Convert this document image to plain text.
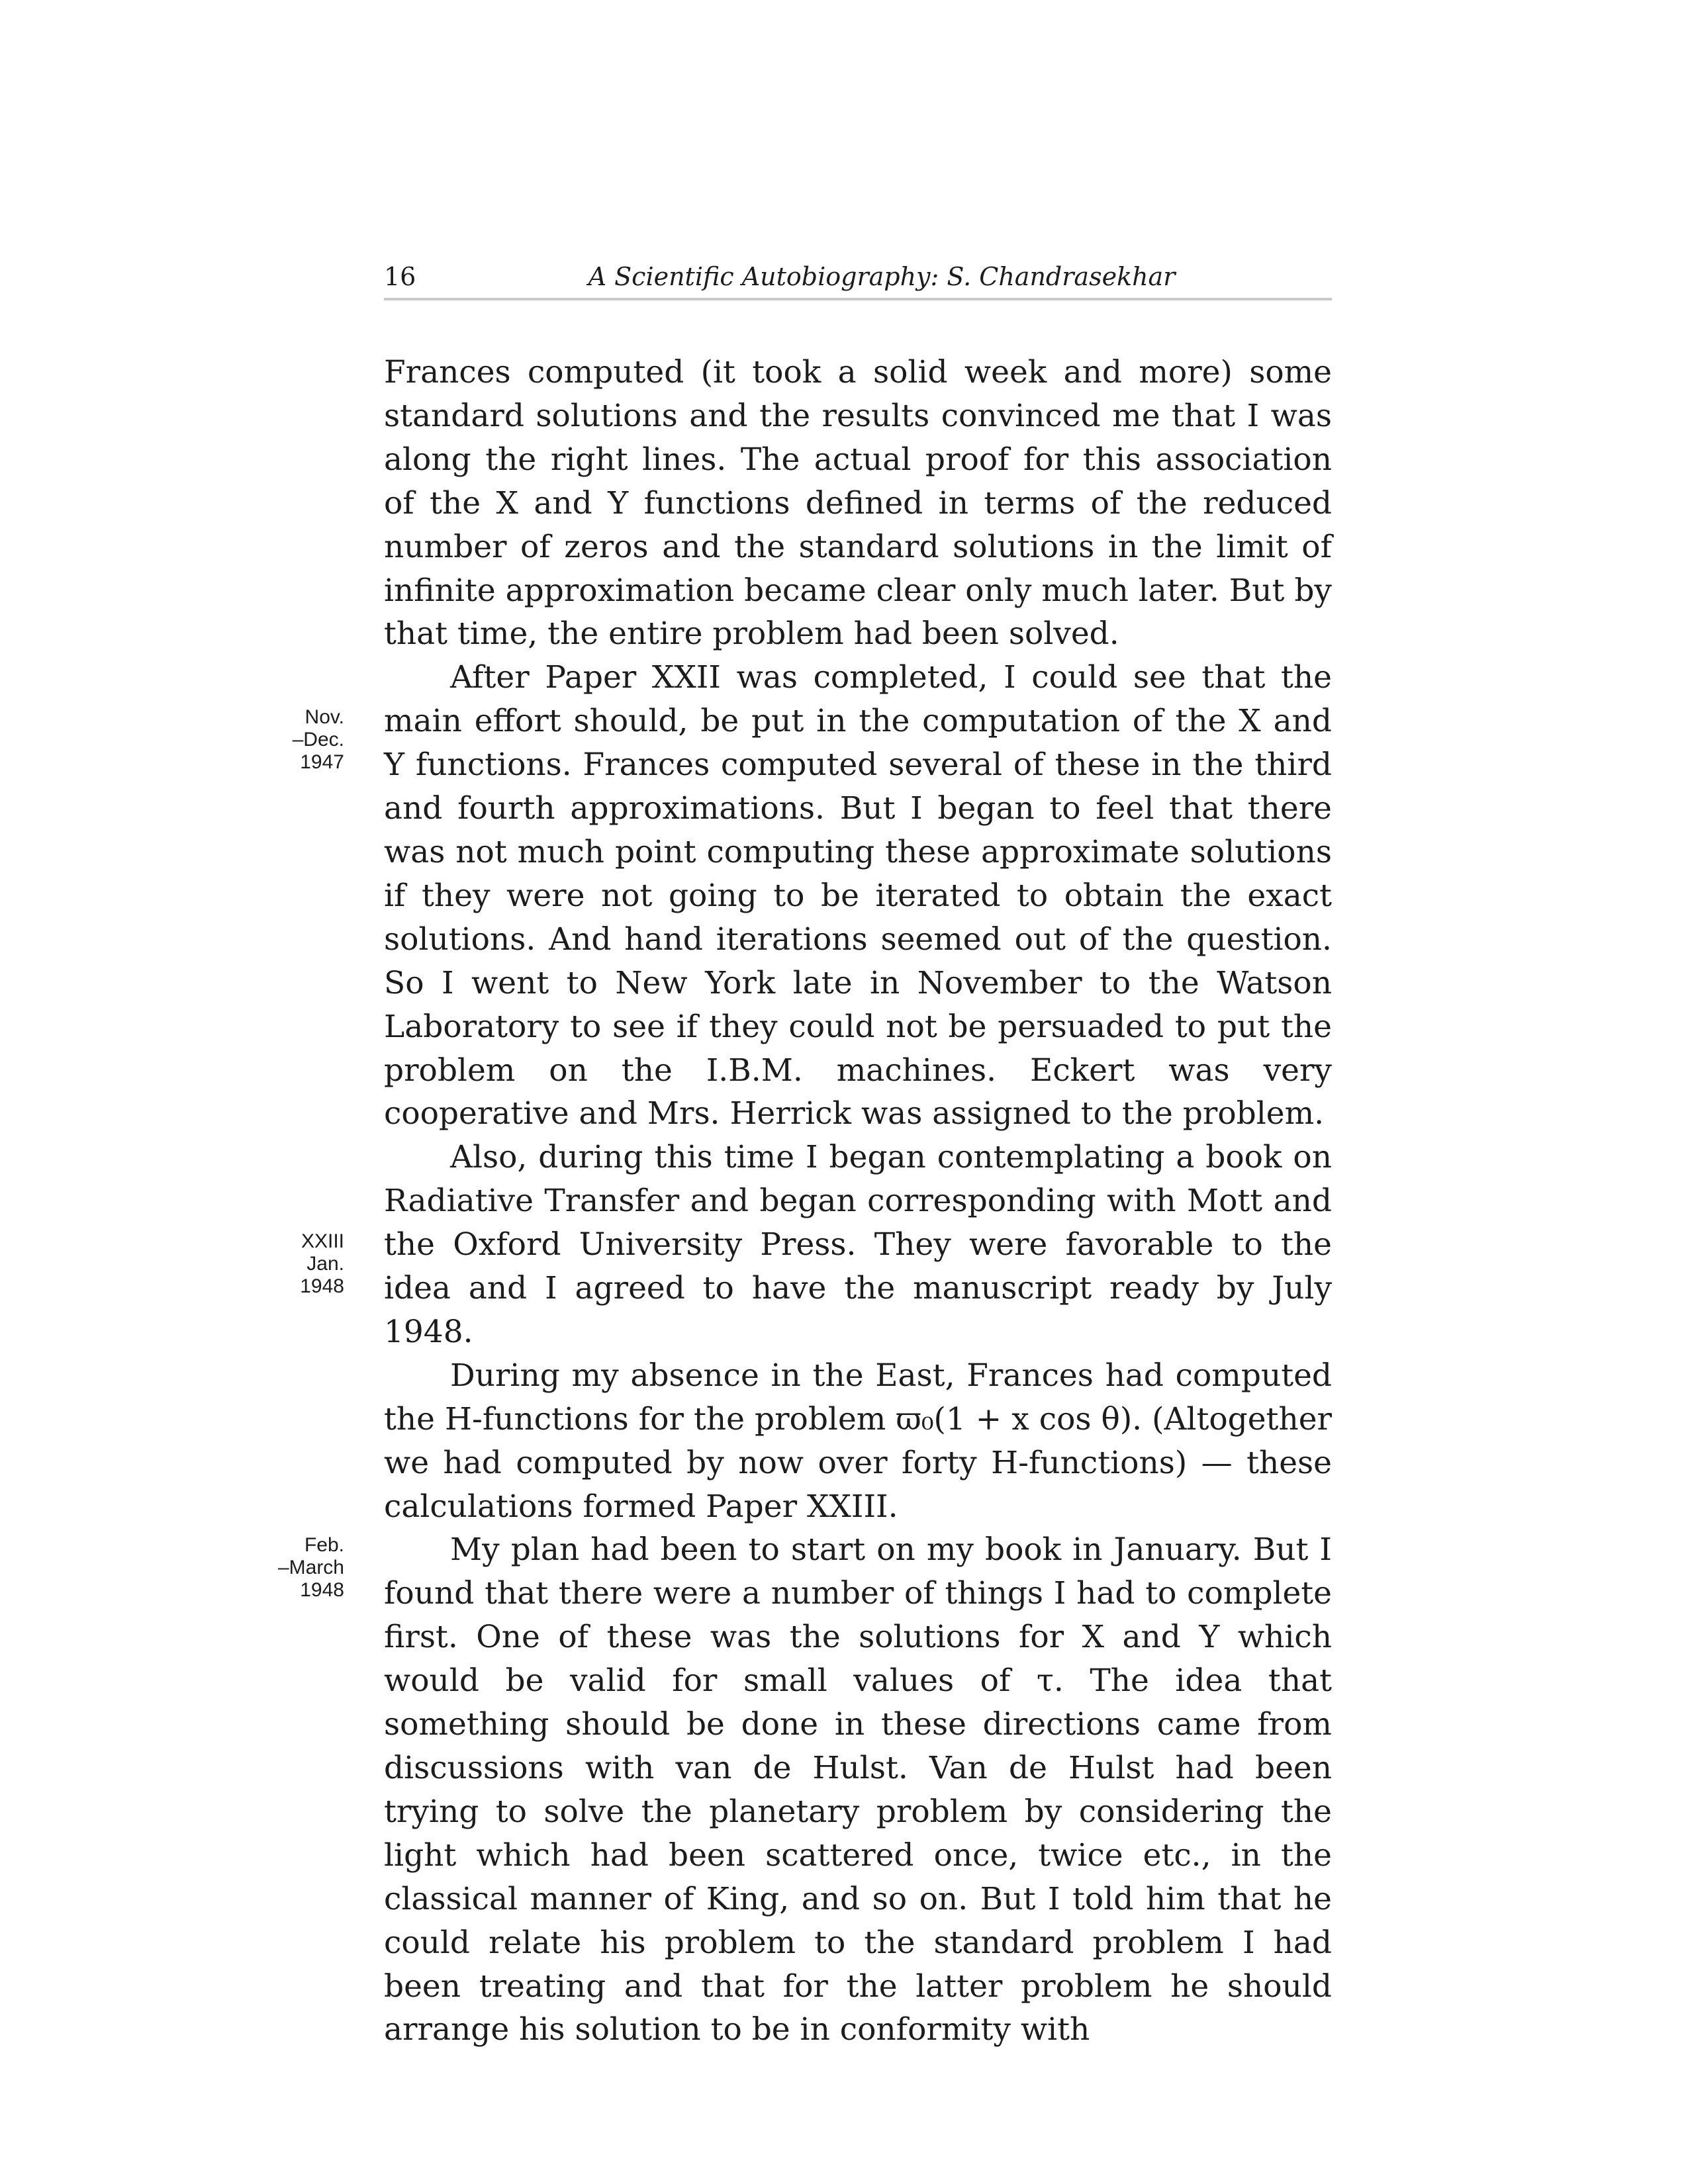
16	A Scientific Autobiography: S. Chandrasekhar
Nov.
–Dec.
1947
XXIII
Jan.
1948
Feb.
–March
1948

Frances computed (it took a solid week and more) some standard solutions and the results convinced me that I was along the right lines. The actual proof for this association of the X and Y functions defined in terms of the reduced number of zeros and the standard solutions in the limit of infinite approximation became clear only much later. But by that time, the entire problem had been solved.

After Paper XXII was completed, I could see that the main effort should, be put in the computation of the X and Y functions. Frances computed several of these in the third and fourth approximations. But I began to feel that there was not much point computing these approximate solutions if they were not going to be iterated to obtain the exact solutions. And hand iterations seemed out of the question. So I went to New York late in November to the Watson Laboratory to see if they could not be persuaded to put the problem on the I.B.M. machines. Eckert was very cooperative and Mrs. Herrick was assigned to the problem.

Also, during this time I began contemplating a book on Radiative Transfer and began corresponding with Mott and the Oxford University Press. They were favorable to the idea and I agreed to have the manuscript ready by July 1948.

During my absence in the East, Frances had computed the H-functions for the problem ϖ₀(1 + x cos θ). (Altogether we had computed by now over forty H-functions) — these calculations formed Paper XXIII.

My plan had been to start on my book in January. But I found that there were a number of things I had to complete first. One of these was the solutions for X and Y which would be valid for small values of τ. The idea that something should be done in these directions came from discussions with van de Hulst. Van de Hulst had been trying to solve the planetary problem by considering the light which had been scattered once, twice etc., in the classical manner of King, and so on. But I told him that he could relate his problem to the standard problem I had been treating and that for the latter problem he should arrange his solution to be in conformity with
